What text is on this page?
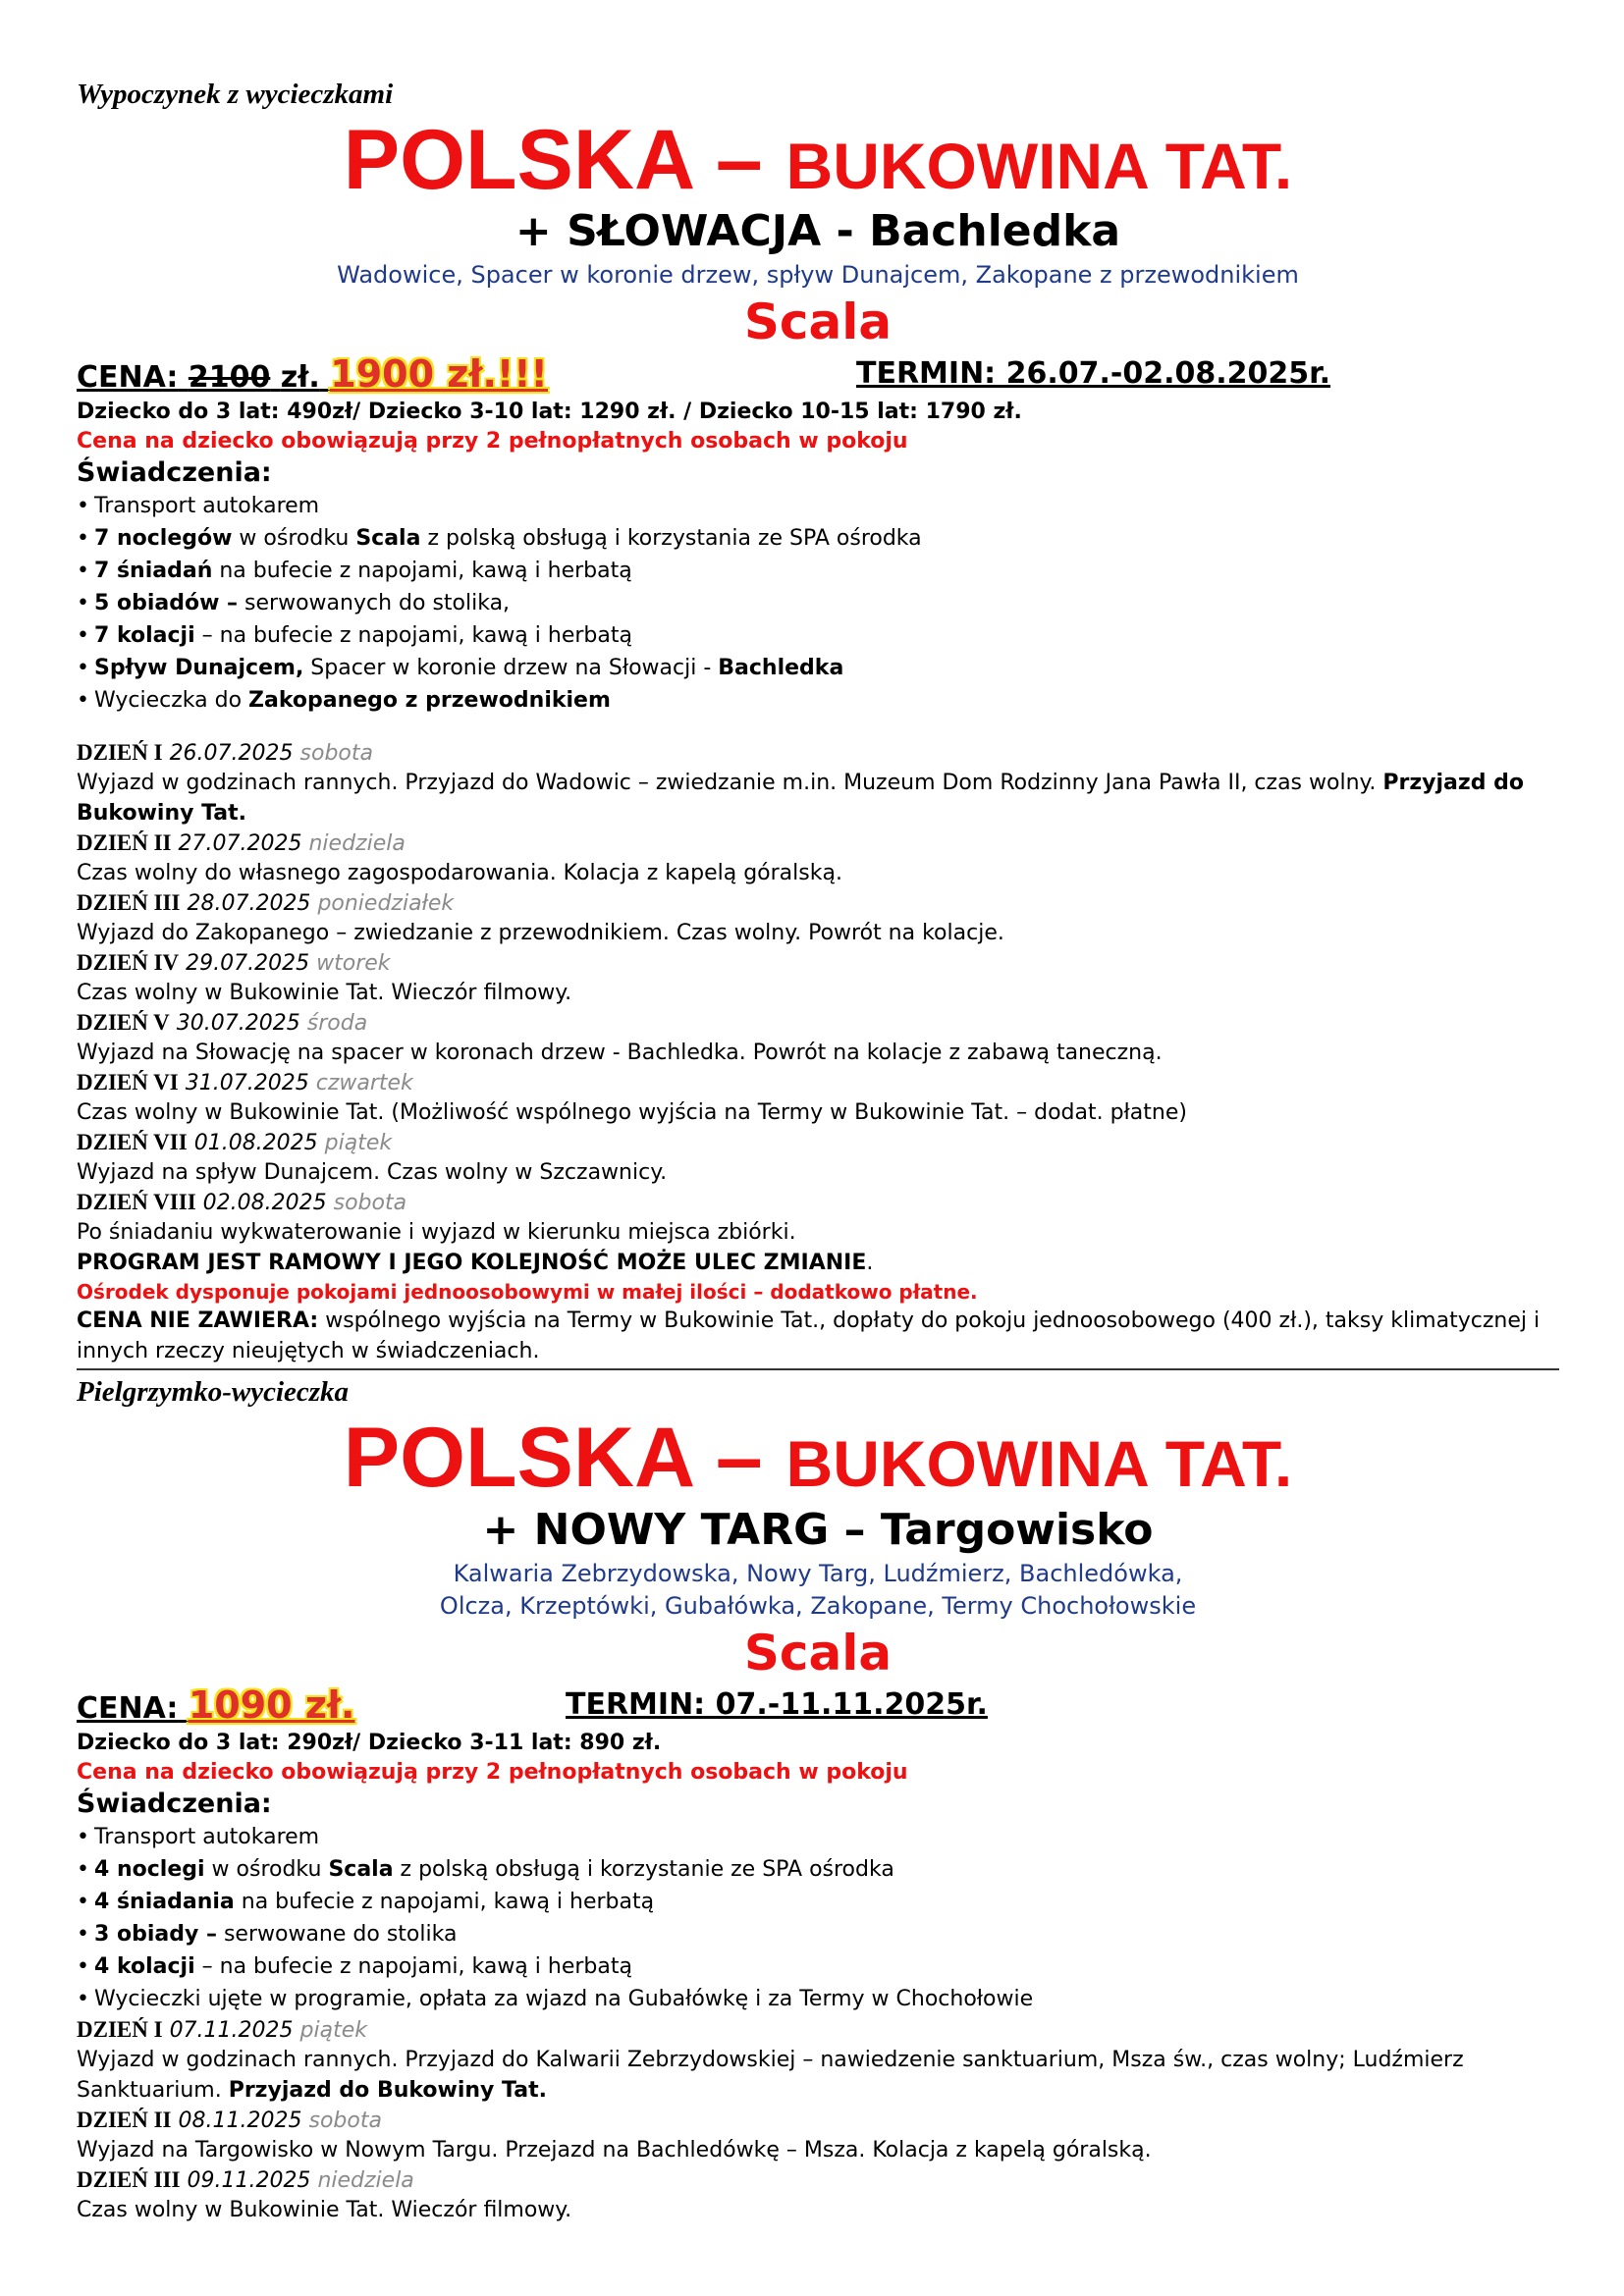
Wypoczynek z wycieczkami
POLSKA – BUKOWINA TAT.
+ SŁOWACJA - Bachledka
Wadowice, Spacer w koronie drzew, spływ Dunajcem, Zakopane z przewodnikiem
Scala
CENA: 2100 zł. 1900 zł.!!!	TERMIN: 26.07.-02.08.2025r.
Dziecko do 3 lat: 490zł/ Dziecko 3-10 lat: 1290 zł. / Dziecko 10-15 lat: 1790 zł.
Cena na dziecko obowiązują przy 2 pełnopłatnych osobach w pokoju
Świadczenia:
• Transport autokarem
• 7 noclegów w ośrodku Scala z polską obsługą i korzystania ze SPA ośrodka
• 7 śniadań na bufecie z napojami, kawą i herbatą
• 5 obiadów – serwowanych do stolika,
• 7 kolacji – na bufecie z napojami, kawą i herbatą
• Spływ Dunajcem, Spacer w koronie drzew na Słowacji - Bachledka
• Wycieczka do Zakopanego z przewodnikiem
DZIEŃ I 26.07.2025 sobota
Wyjazd w godzinach rannych. Przyjazd do Wadowic – zwiedzanie m.in. Muzeum Dom Rodzinny Jana Pawła II, czas wolny. Przyjazd do Bukowiny Tat.
DZIEŃ II 27.07.2025 niedziela
Czas wolny do własnego zagospodarowania. Kolacja z kapelą góralską.
DZIEŃ III 28.07.2025 poniedziałek
Wyjazd do Zakopanego – zwiedzanie z przewodnikiem. Czas wolny. Powrót na kolacje.
DZIEŃ IV 29.07.2025 wtorek
Czas wolny w Bukowinie Tat. Wieczór filmowy.
DZIEŃ V 30.07.2025 środa
Wyjazd na Słowację na spacer w koronach drzew - Bachledka. Powrót na kolacje z zabawą taneczną.
DZIEŃ VI 31.07.2025 czwartek
Czas wolny w Bukowinie Tat. (Możliwość wspólnego wyjścia na Termy w Bukowinie Tat. – dodat. płatne)
DZIEŃ VII 01.08.2025 piątek
Wyjazd na spływ Dunajcem. Czas wolny w Szczawnicy.
DZIEŃ VIII 02.08.2025 sobota
Po śniadaniu wykwaterowanie i wyjazd w kierunku miejsca zbiórki.
PROGRAM JEST RAMOWY I JEGO KOLEJNOŚĆ MOŻE ULEC ZMIANIE.
Ośrodek dysponuje pokojami jednoosobowymi w małej ilości – dodatkowo płatne.
CENA NIE ZAWIERA: wspólnego wyjścia na Termy w Bukowinie Tat., dopłaty do pokoju jednoosobowego (400 zł.), taksy klimatycznej i innych rzeczy nieujętych w świadczeniach.
Pielgrzymko-wycieczka
POLSKA – BUKOWINA TAT.
+ NOWY TARG – Targowisko
Kalwaria Zebrzydowska, Nowy Targ, Ludźmierz, Bachledówka,
Olcza, Krzeptówki, Gubałówka, Zakopane, Termy Chochołowskie
Scala
CENA: 1090 zł.	TERMIN: 07.-11.11.2025r.
Dziecko do 3 lat: 290zł/ Dziecko 3-11 lat: 890 zł.
Cena na dziecko obowiązują przy 2 pełnopłatnych osobach w pokoju
Świadczenia:
• Transport autokarem
• 4 noclegi w ośrodku Scala z polską obsługą i korzystanie ze SPA ośrodka
• 4 śniadania na bufecie z napojami, kawą i herbatą
• 3 obiady – serwowane do stolika
• 4 kolacji – na bufecie z napojami, kawą i herbatą
• Wycieczki ujęte w programie, opłata za wjazd na Gubałówkę i za Termy w Chochołowie
DZIEŃ I 07.11.2025 piątek
Wyjazd w godzinach rannych. Przyjazd do Kalwarii Zebrzydowskiej – nawiedzenie sanktuarium, Msza św., czas wolny; Ludźmierz Sanktuarium. Przyjazd do Bukowiny Tat.
DZIEŃ II 08.11.2025 sobota
Wyjazd na Targowisko w Nowym Targu. Przejazd na Bachledówkę – Msza. Kolacja z kapelą góralską.
DZIEŃ III 09.11.2025 niedziela
Czas wolny w Bukowinie Tat. Wieczór filmowy.
